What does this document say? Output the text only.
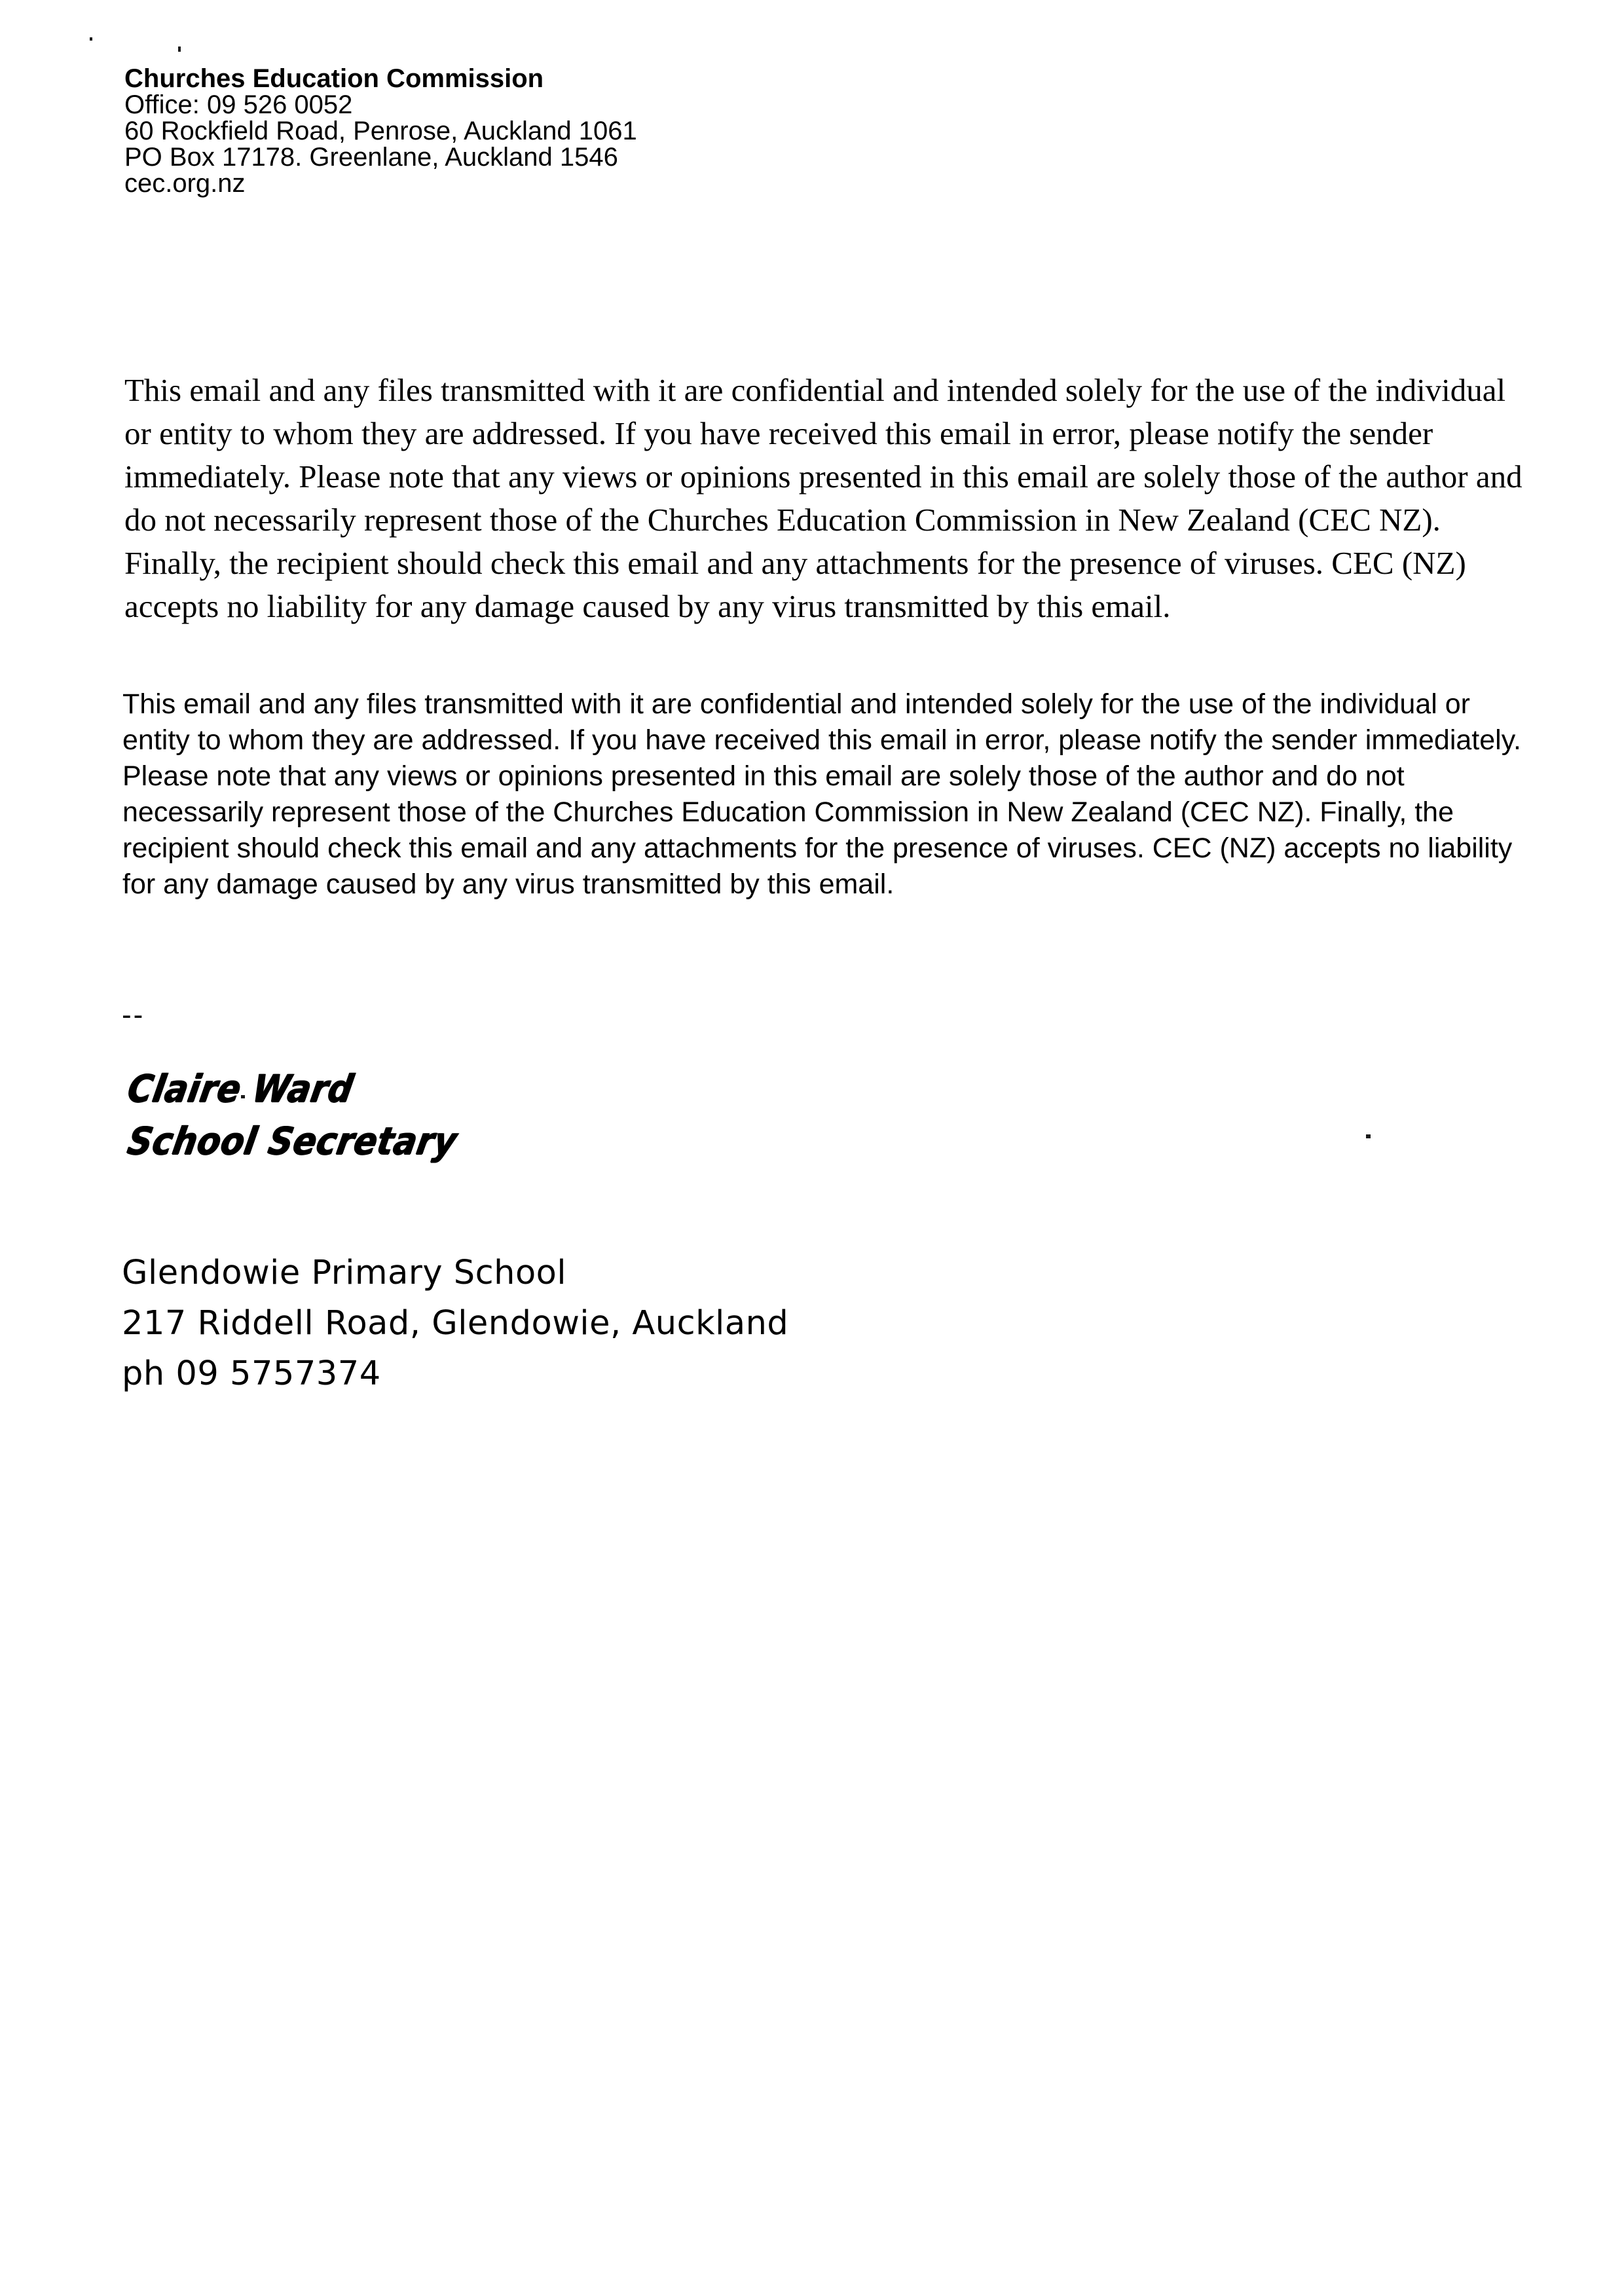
Churches Education Commission
Office: 09 526 0052
60 Rockfield Road, Penrose, Auckland 1061
PO Box 17178. Greenlane, Auckland 1546
cec.org.nz
This email and any files transmitted with it are confidential and intended solely for the use of the individual or entity to whom they are addressed. If you have received this email in error, please notify the sender immediately. Please note that any views or opinions presented in this email are solely those of the author and do not necessarily represent those of the Churches Education Commission in New Zealand (CEC NZ). Finally, the recipient should check this email and any attachments for the presence of viruses. CEC (NZ) accepts no liability for any damage caused by any virus transmitted by this email.
This email and any files transmitted with it are confidential and intended solely for the use of the individual or entity to whom they are addressed. If you have received this email in error, please notify the sender immediately. Please note that any views or opinions presented in this email are solely those of the author and do not necessarily represent those of the Churches Education Commission in New Zealand (CEC NZ). Finally, the recipient should check this email and any attachments for the presence of viruses. CEC (NZ) accepts no liability for any damage caused by any virus transmitted by this email.
--
Claire Ward
School Secretary
Glendowie Primary School
217 Riddell Road, Glendowie, Auckland
ph 09 5757374
